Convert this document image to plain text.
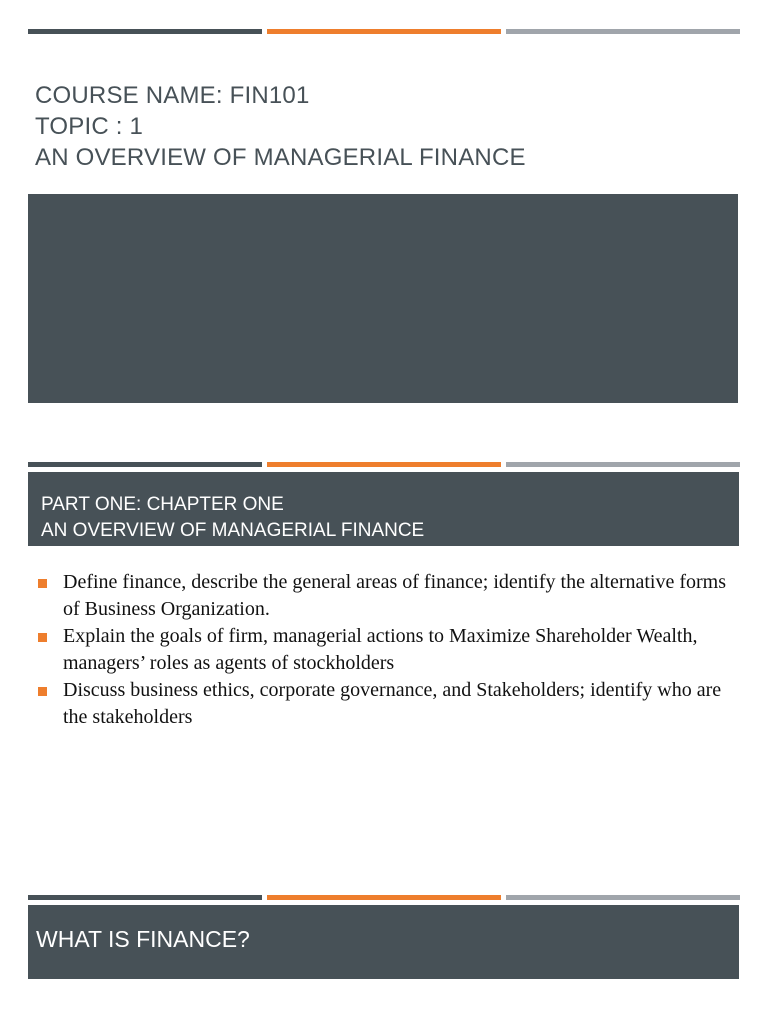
COURSE NAME: FIN101
TOPIC : 1
AN OVERVIEW OF MANAGERIAL FINANCE
PART ONE: CHAPTER ONE
AN OVERVIEW OF MANAGERIAL FINANCE
Define finance, describe the general areas of finance; identify the alternative forms of Business Organization.
Explain the goals of firm, managerial actions to Maximize Shareholder Wealth, managers’ roles as agents of stockholders
Discuss business ethics, corporate governance, and Stakeholders; identify who are the stakeholders
WHAT IS FINANCE?
